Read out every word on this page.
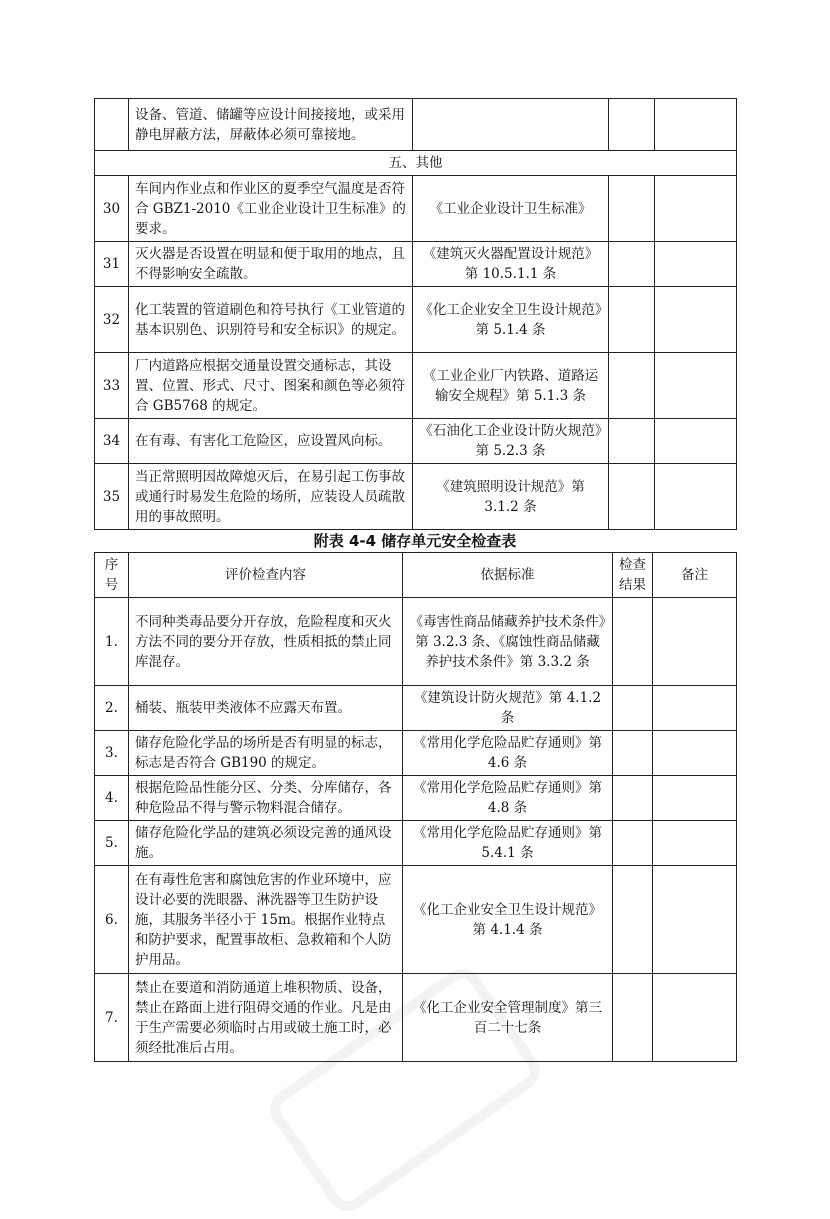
	设备、管道、储罐等应设计间接接地，或采用静电屏蔽方法，屏蔽体必须可靠接地。			
五、其他				
30	车间内作业点和作业区的夏季空气温度是否符合 GBZ1-2010《工业企业设计卫生标准》的要求。	《工业企业设计卫生标准》		
31	灭火器是否设置在明显和便于取用的地点，且不得影响安全疏散。	《建筑灭火器配置设计规范》第 10.5.1.1 条		
32	化工装置的管道刷色和符号执行《工业管道的基本识别色、识别符号和安全标识》的规定。	《化工企业安全卫生设计规范》第 5.1.4 条		
33	厂内道路应根据交通量设置交通标志，其设置、位置、形式、尺寸、图案和颜色等必须符合 GB5768 的规定。	《工业企业厂内铁路、道路运输安全规程》第 5.1.3 条		
34	在有毒、有害化工危险区，应设置风向标。	《石油化工企业设计防火规范》第 5.2.3 条		
35	当正常照明因故障熄灭后，在易引起工伤事故或通行时易发生危险的场所，应装设人员疏散用的事故照明。	《建筑照明设计规范》第 3.1.2 条		
附表 4-4 储存单元安全检查表
序号	评价检查内容	依据标准	检查结果	备注
1.	不同种类毒品要分开存放，危险程度和灭火方法不同的要分开存放，性质相抵的禁止同库混存。	《毒害性商品储藏养护技术条件》第 3.2.3 条、《腐蚀性商品储藏养护技术条件》第 3.3.2 条		
2.	桶装、瓶装甲类液体不应露天布置。	《建筑设计防火规范》第 4.1.2 条		
3.	储存危险化学品的场所是否有明显的标志，标志是否符合 GB190 的规定。	《常用化学危险品贮存通则》第 4.6 条		
4.	根据危险品性能分区、分类、分库储存，各种危险品不得与警示物料混合储存。	《常用化学危险品贮存通则》第 4.8 条		
5.	储存危险化学品的建筑必须设完善的通风设施。	《常用化学危险品贮存通则》第 5.4.1 条		
6.	在有毒性危害和腐蚀危害的作业环境中，应设计必要的洗眼器、淋洗器等卫生防护设施，其服务半径小于 15m。根据作业特点和防护要求，配置事故柜、急救箱和个人防护用品。	《化工企业安全卫生设计规范》第 4.1.4 条		
7.	禁止在要道和消防通道上堆积物质、设备，禁止在路面上进行阻碍交通的作业。凡是由于生产需要必须临时占用或破土施工时，必须经批准后占用。	《化工企业安全管理制度》第三百二十七条		
